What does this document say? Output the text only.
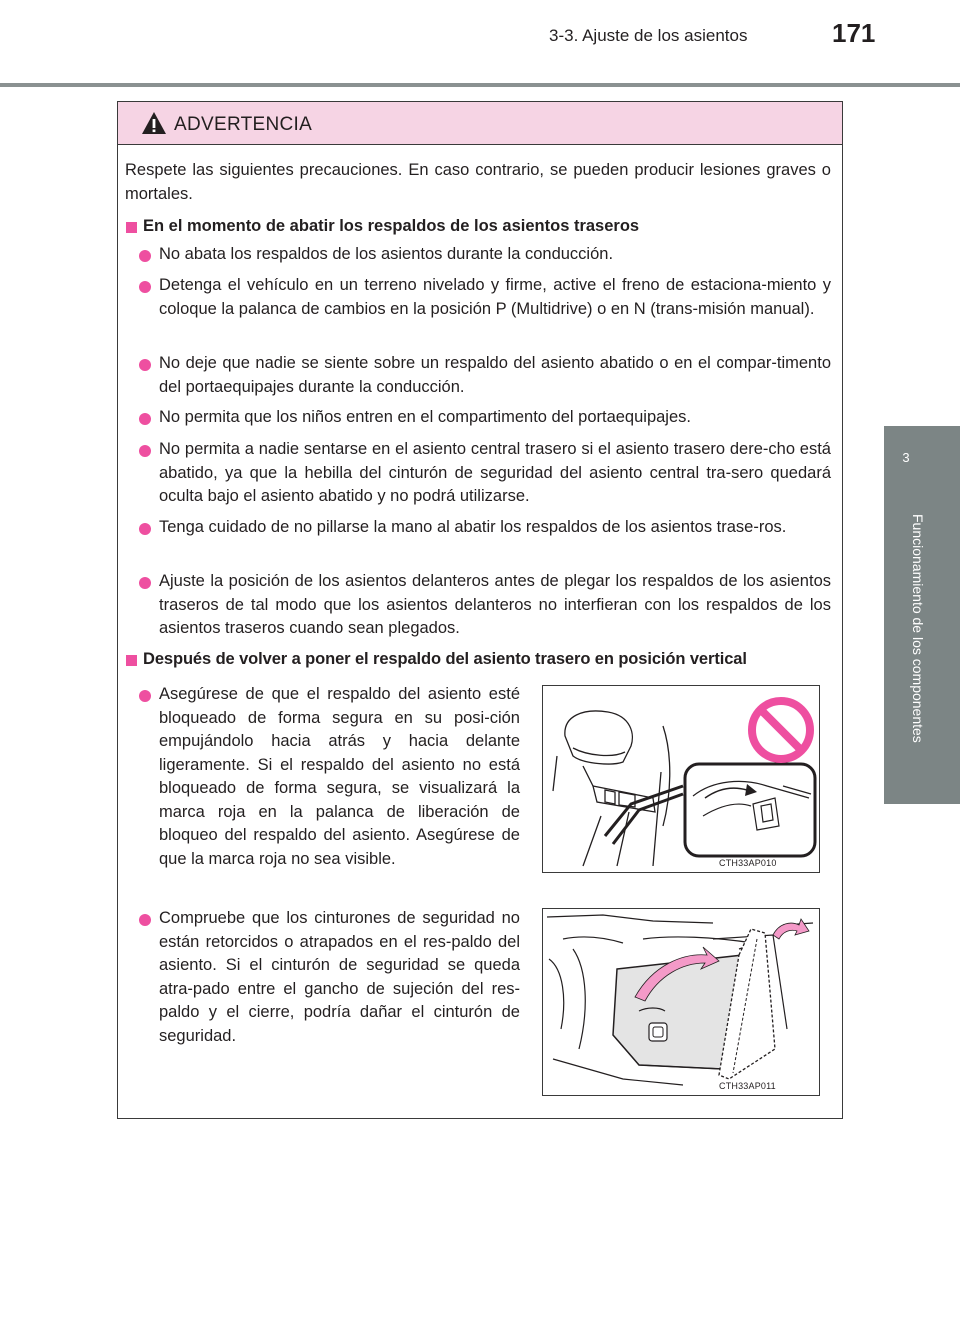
3-3. Ajuste de los asientos	171
3
Funcionamiento de los componentes
ADVERTENCIA
Respete las siguientes precauciones. En caso contrario, se pueden producir lesiones graves o mortales.
En el momento de abatir los respaldos de los asientos traseros
No abata los respaldos de los asientos durante la conducción.
Detenga el vehículo en un terreno nivelado y firme, active el freno de estaciona-miento y coloque la palanca de cambios en la posición P (Multidrive) o en N (trans-misión manual).
No deje que nadie se siente sobre un respaldo del asiento abatido o en el compar-timento del portaequipajes durante la conducción.
No permita que los niños entren en el compartimento del portaequipajes.
No permita a nadie sentarse en el asiento central trasero si el asiento trasero dere-cho está abatido, ya que la hebilla del cinturón de seguridad del asiento central tra-sero quedará oculta bajo el asiento abatido y no podrá utilizarse.
Tenga cuidado de no pillarse la mano al abatir los respaldos de los asientos trase-ros.
Ajuste la posición de los asientos delanteros antes de plegar los respaldos de los asientos traseros de tal modo que los asientos delanteros no interfieran con los respaldos de los asientos traseros cuando sean plegados.
Después de volver a poner el respaldo del asiento trasero en posición vertical
Asegúrese de que el respaldo del asiento esté bloqueado de forma segura en su posi-ción empujándolo hacia atrás y hacia delante ligeramente. Si el respaldo del asiento no está bloqueado de forma segura, se visualizará la marca roja en la palanca de liberación de bloqueo del respaldo del asiento. Asegúrese de que la marca roja no sea visible.
Compruebe que los cinturones de seguridad no están retorcidos o atrapados en el res-paldo del asiento. Si el cinturón de seguridad se queda atra-pado entre el gancho de sujeción del res-paldo y el cierre, podría dañar el cinturón de seguridad.
CTH33AP010
CTH33AP011
